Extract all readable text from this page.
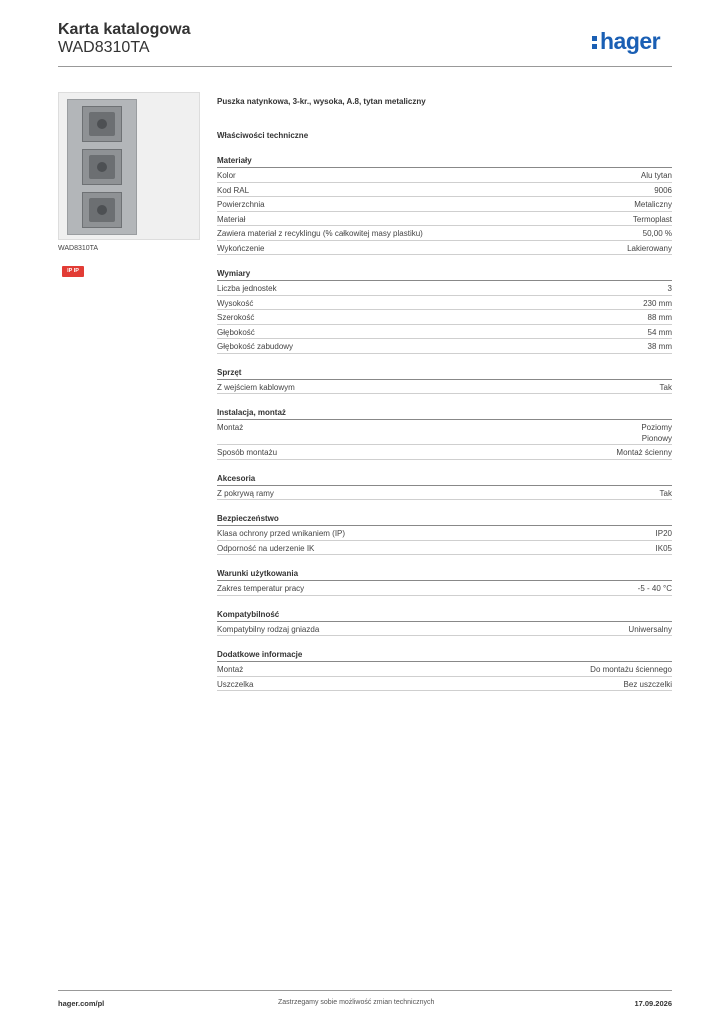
Karta katalogowa
WAD8310TA	hager
WAD8310TA
IP IP
Puszka natynkowa, 3-kr., wysoka, A.8, tytan metaliczny
Właściwości techniczne
Materiały
Kolor	Alu tytan
Kod RAL	9006
Powierzchnia	Metaliczny
Materiał	Termoplast
Zawiera materiał z recyklingu (% całkowitej masy plastiku)	50,00 %
Wykończenie	Lakierowany
Wymiary
Liczba jednostek	3
Wysokość	230 mm
Szerokość	88 mm
Głębokość	54 mm
Głębokość zabudowy	38 mm
Sprzęt
Z wejściem kablowym	Tak
Instalacja, montaż
Montaż	Poziomy
Pionowy
Sposób montażu	Montaż ścienny
Akcesoria
Z pokrywą ramy	Tak
Bezpieczeństwo
Klasa ochrony przed wnikaniem (IP)	IP20
Odporność na uderzenie IK	IK05
Warunki użytkowania
Zakres temperatur pracy	-5 - 40 °C
Kompatybilność
Kompatybilny rodzaj gniazda	Uniwersalny
Dodatkowe informacje
Montaż	Do montażu ściennego
Uszczelka	Bez uszczelki
hager.com/pl	Zastrzegamy sobie możliwość zmian technicznych	17.09.2026
